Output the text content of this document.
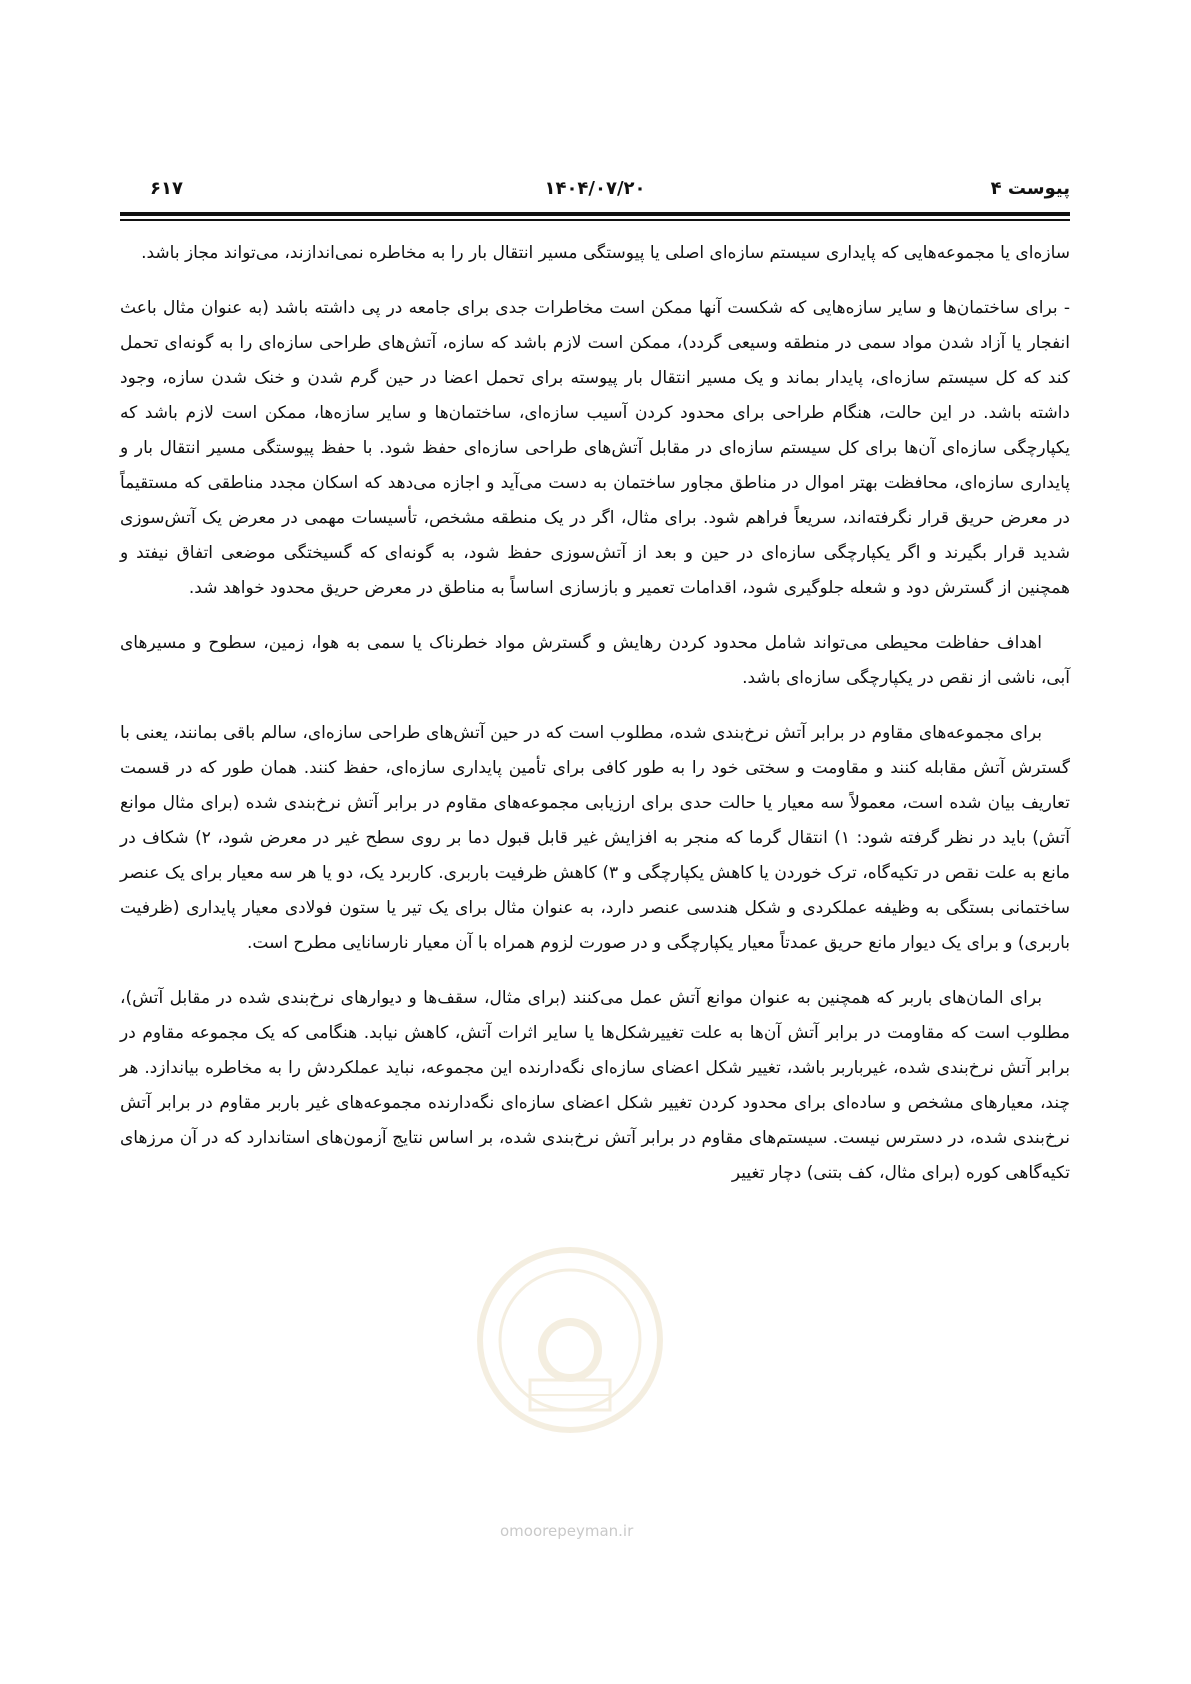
پیوست ۴
۱۴۰۴/۰۷/۲۰
۶۱۷

سازه‌ای یا مجموعه‌هایی که پایداری سیستم سازه‌ای اصلی یا پیوستگی مسیر انتقال بار را به مخاطره نمی‌اندازند، می‌تواند مجاز باشد.

- برای ساختمان‌ها و سایر سازه‌هایی که شکست آنها ممکن است مخاطرات جدی برای جامعه در پی داشته باشد (به عنوان مثال باعث انفجار یا آزاد شدن مواد سمی در منطقه وسیعی گردد)، ممکن است لازم باشد که سازه، آتش‌های طراحی سازه‌ای را به گونه‌ای تحمل کند که کل سیستم سازه‌ای، پایدار بماند و یک مسیر انتقال بار پیوسته برای تحمل اعضا در حین گرم شدن و خنک شدن سازه، وجود داشته باشد. در این حالت، هنگام طراحی برای محدود کردن آسیب سازه‌ای، ساختمان‌ها و سایر سازه‌ها، ممکن است لازم باشد که یکپارچگی سازه‌ای آن‌ها برای کل سیستم سازه‌ای در مقابل آتش‌های طراحی سازه‌ای حفظ شود. با حفظ پیوستگی مسیر انتقال بار و پایداری سازه‌ای، محافظت بهتر اموال در مناطق مجاور ساختمان به دست می‌آید و اجازه می‌دهد که اسکان مجدد مناطقی که مستقیماً در معرض حریق قرار نگرفته‌اند، سریعاً فراهم شود. برای مثال، اگر در یک منطقه مشخص، تأسیسات مهمی در معرض یک آتش‌سوزی شدید قرار بگیرند و اگر یکپارچگی سازه‌ای در حین و بعد از آتش‌سوزی حفظ شود، به گونه‌ای که گسیختگی موضعی اتفاق نیفتد و همچنین از گسترش دود و شعله جلوگیری شود، اقدامات تعمیر و بازسازی اساساً به مناطق در معرض حریق محدود خواهد شد.

اهداف حفاظت محیطی می‌تواند شامل محدود کردن رهایش و گسترش مواد خطرناک یا سمی به هوا، زمین، سطوح و مسیرهای آبی، ناشی از نقص در یکپارچگی سازه‌ای باشد.

برای مجموعه‌های مقاوم در برابر آتش نرخ‌بندی شده، مطلوب است که در حین آتش‌های طراحی سازه‌ای، سالم باقی بمانند، یعنی با گسترش آتش مقابله کنند و مقاومت و سختی خود را به طور کافی برای تأمین پایداری سازه‌ای، حفظ کنند. همان طور که در قسمت تعاریف بیان شده است، معمولاً سه معیار یا حالت حدی برای ارزیابی مجموعه‌های مقاوم در برابر آتش نرخ‌بندی شده (برای مثال موانع آتش) باید در نظر گرفته شود: ۱) انتقال گرما که منجر به افزایش غیر قابل قبول دما بر روی سطح غیر در معرض شود، ۲) شکاف در مانع به علت نقص در تکیه‌گاه، ترک خوردن یا کاهش یکپارچگی و ۳) کاهش ظرفیت باربری. کاربرد یک، دو یا هر سه معیار برای یک عنصر ساختمانی بستگی به وظیفه عملکردی و شکل هندسی عنصر دارد، به عنوان مثال برای یک تیر یا ستون فولادی معیار پایداری (ظرفیت باربری) و برای یک دیوار مانع حریق عمدتاً معیار یکپارچگی و در صورت لزوم همراه با آن معیار نارسانایی مطرح است.

برای المان‌های باربر که همچنین به عنوان موانع آتش عمل می‌کنند (برای مثال، سقف‌ها و دیوارهای نرخ‌بندی شده در مقابل آتش)، مطلوب است که مقاومت در برابر آتش آن‌ها به علت تغییرشکل‌ها یا سایر اثرات آتش، کاهش نیابد. هنگامی که یک مجموعه مقاوم در برابر آتش نرخ‌بندی شده، غیرباربر باشد، تغییر شکل اعضای سازه‌ای نگه‌دارنده این مجموعه، نباید عملکردش را به مخاطره بیاندازد. هر چند، معیارهای مشخص و ساده‌ای برای محدود کردن تغییر شکل اعضای سازه‌ای نگه‌دارنده مجموعه‌های غیر باربر مقاوم در برابر آتش نرخ‌بندی شده، در دسترس نیست. سیستم‌های مقاوم در برابر آتش نرخ‌بندی شده، بر اساس نتایج آزمون‌های استاندارد که در آن مرزهای تکیه‌گاهی کوره (برای مثال، کف بتنی) دچار تغییر

omoorepeyman.ir
